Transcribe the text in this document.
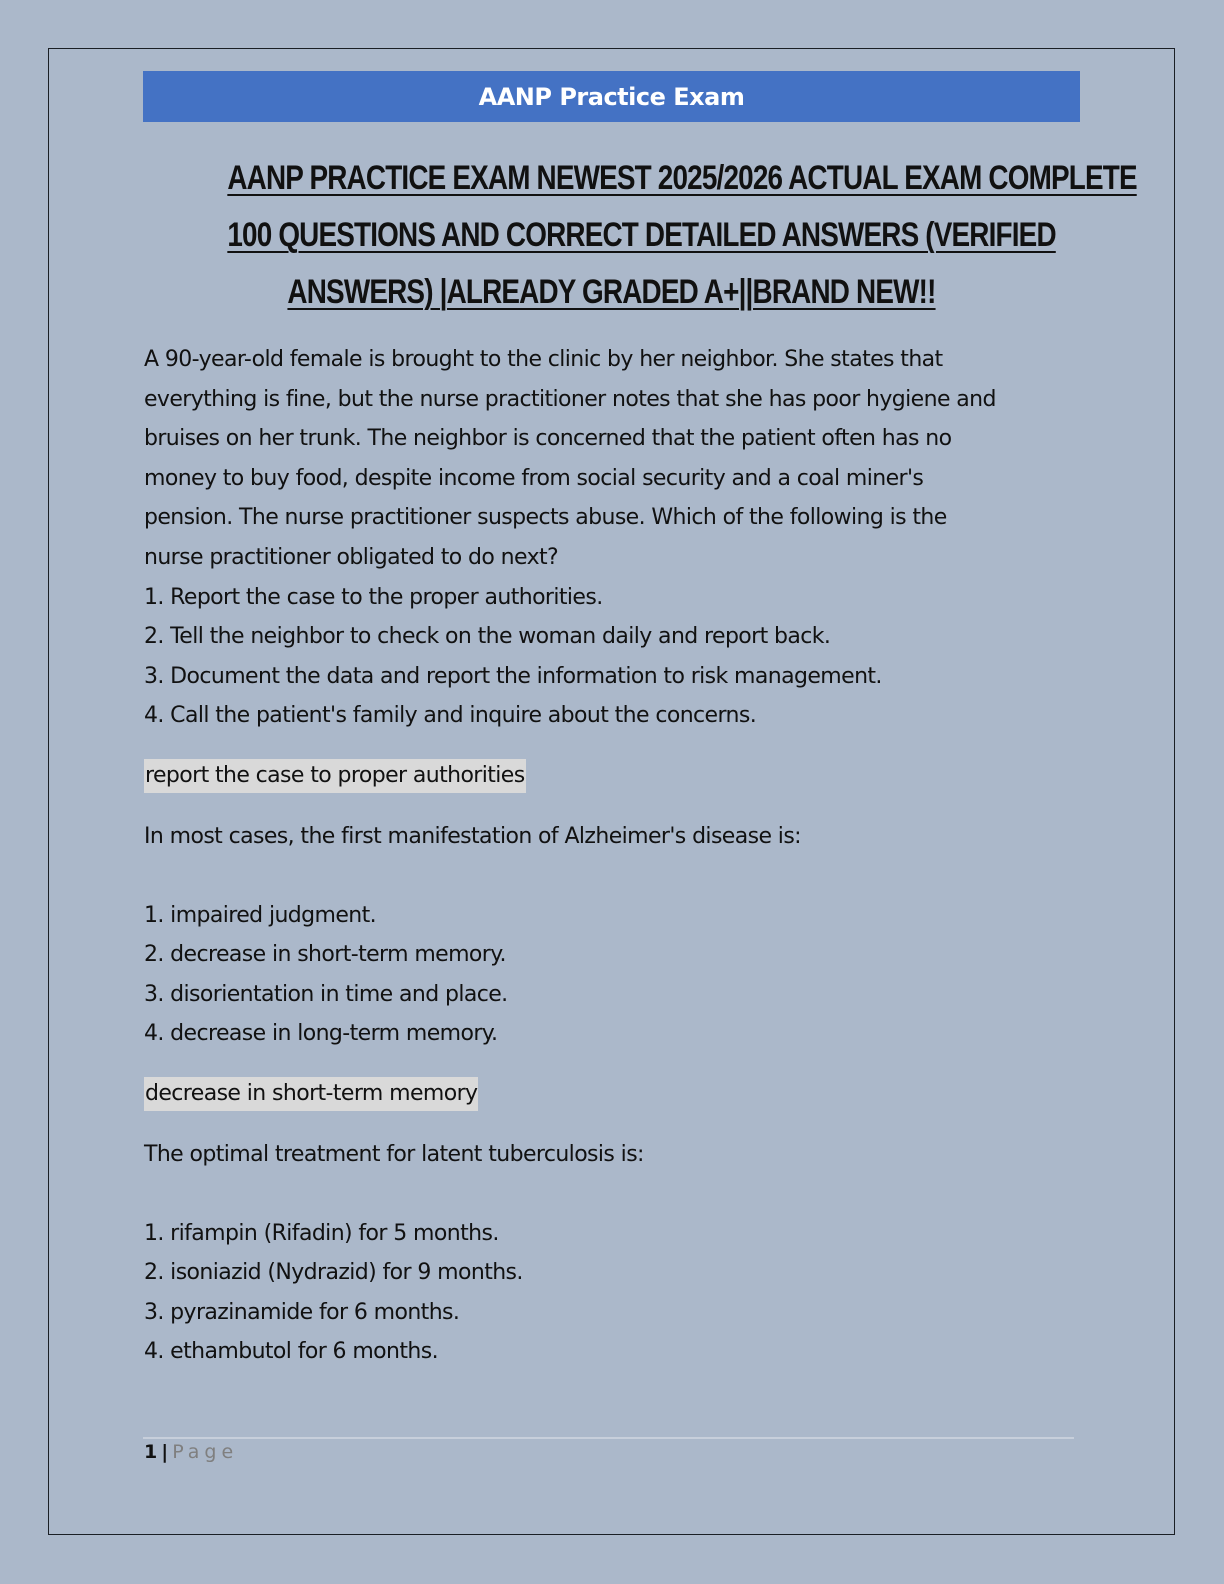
AANP Practice Exam
AANP PRACTICE EXAM NEWEST 2025/2026 ACTUAL EXAM COMPLETE
100 QUESTIONS AND CORRECT DETAILED ANSWERS (VERIFIED
ANSWERS) |ALREADY GRADED A+||BRAND NEW!!

A 90-year-old female is brought to the clinic by her neighbor. She states that

everything is fine, but the nurse practitioner notes that she has poor hygiene and

bruises on her trunk. The neighbor is concerned that the patient often has no

money to buy food, despite income from social security and a coal miner's

pension. The nurse practitioner suspects abuse. Which of the following is the

nurse practitioner obligated to do next?

1. Report the case to the proper authorities.

2. Tell the neighbor to check on the woman daily and report back.

3. Document the data and report the information to risk management.

4. Call the patient's family and inquire about the concerns.

report the case to proper authorities

In most cases, the first manifestation of Alzheimer's disease is:

1. impaired judgment.

2. decrease in short-term memory.

3. disorientation in time and place.

4. decrease in long-term memory.

decrease in short-term memory

The optimal treatment for latent tuberculosis is:

1. rifampin (Rifadin) for 5 months.

2. isoniazid (Nydrazid) for 9 months.

3. pyrazinamide for 6 months.

4. ethambutol for 6 months.

1 | Page
